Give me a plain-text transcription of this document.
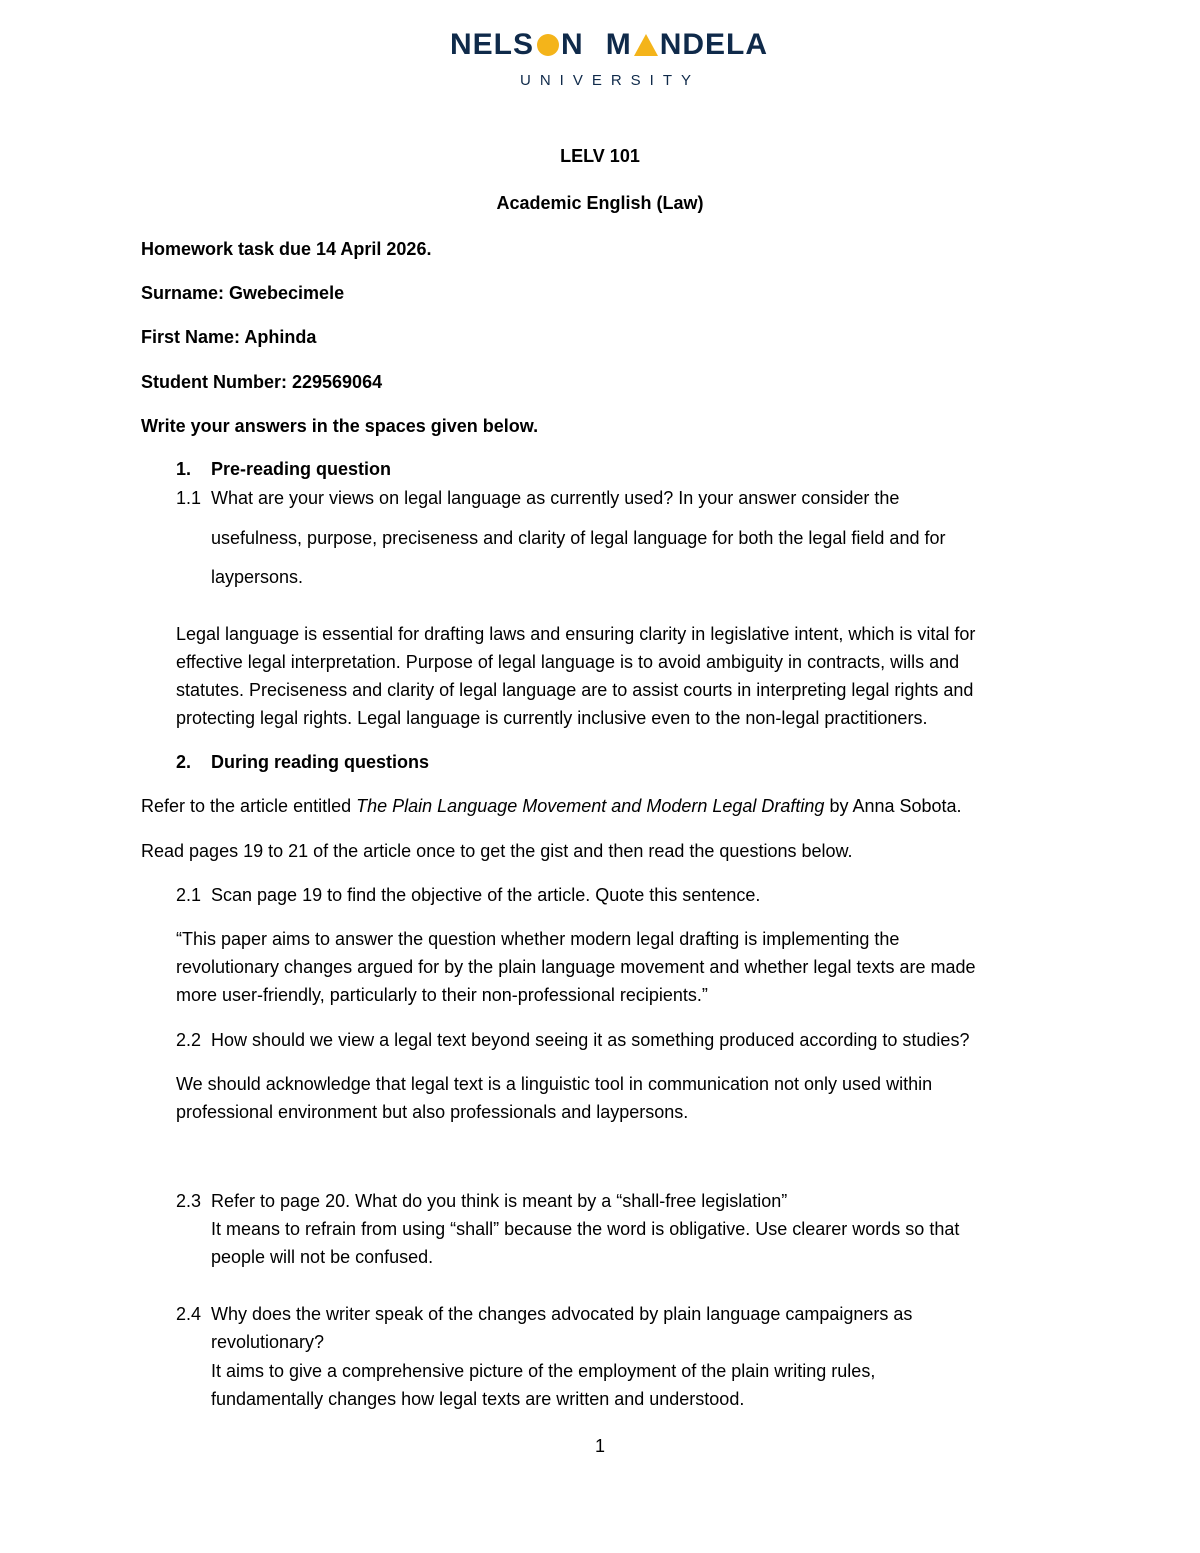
NELS N M NDELA
UNIVERSITY
LELV 101
Academic English (Law)
Homework task due 14 April 2026.
Surname: Gwebecimele
First Name: Aphinda
Student Number: 229569064
Write your answers in the spaces given below.
1. Pre-reading question
1.1 What are your views on legal language as currently used? In your answer consider the
usefulness, purpose, preciseness and clarity of legal language for both the legal field and for
laypersons.
Legal language is essential for drafting laws and ensuring clarity in legislative intent, which is vital for
effective legal interpretation. Purpose of legal language is to avoid ambiguity in contracts, wills and
statutes. Preciseness and clarity of legal language are to assist courts in interpreting legal rights and
protecting legal rights. Legal language is currently inclusive even to the non-legal practitioners.
2. During reading questions
Refer to the article entitled The Plain Language Movement and Modern Legal Drafting by Anna Sobota.
Read pages 19 to 21 of the article once to get the gist and then read the questions below.
2.1 Scan page 19 to find the objective of the article. Quote this sentence.
“This paper aims to answer the question whether modern legal drafting is implementing the
revolutionary changes argued for by the plain language movement and whether legal texts are made
more user-friendly, particularly to their non-professional recipients.”
2.2 How should we view a legal text beyond seeing it as something produced according to studies?
We should acknowledge that legal text is a linguistic tool in communication not only used within
professional environment but also professionals and laypersons.
2.3 Refer to page 20. What do you think is meant by a “shall-free legislation”
It means to refrain from using “shall” because the word is obligative. Use clearer words so that
people will not be confused.
2.4 Why does the writer speak of the changes advocated by plain language campaigners as
revolutionary?
It aims to give a comprehensive picture of the employment of the plain writing rules,
fundamentally changes how legal texts are written and understood.
1
